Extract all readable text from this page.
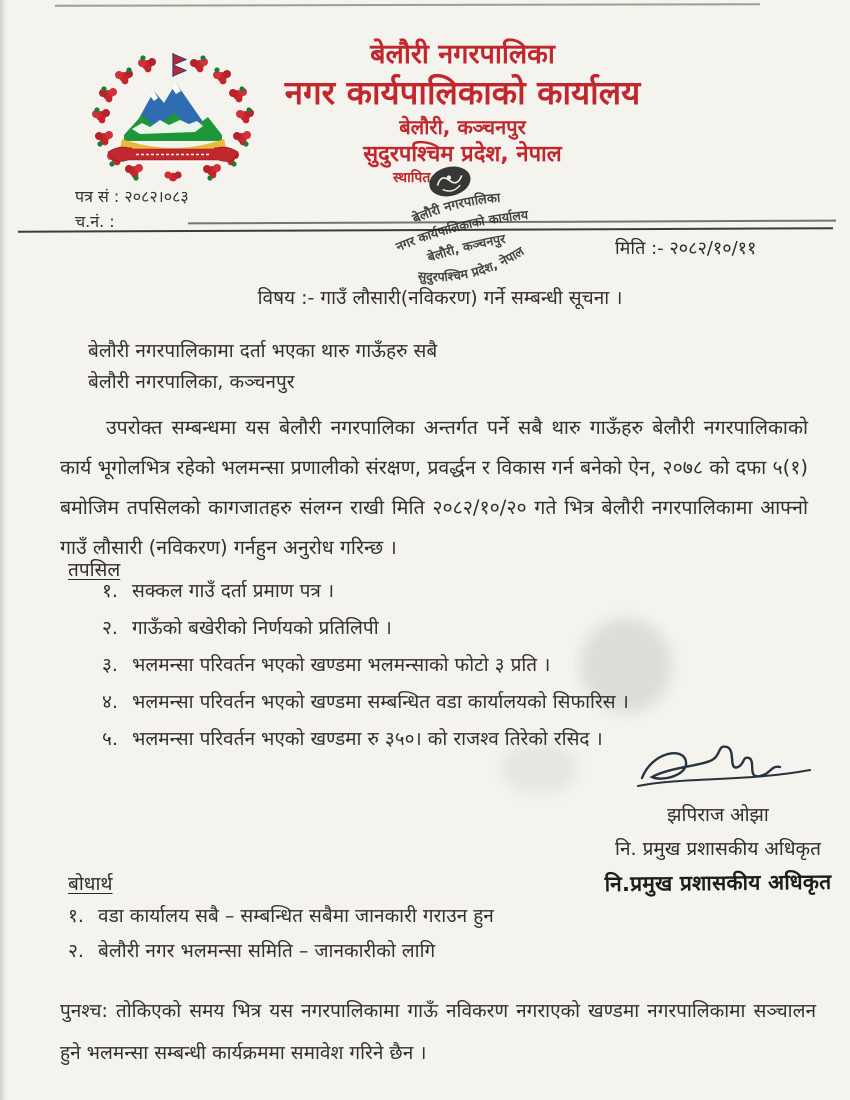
बेलौरी नगरपालिका
नगर कार्यपालिकाको कार्यालय
बेलौरी, कञ्चनपुर
सुदुरपश्चिम प्रदेश, नेपाल
स्थापित
पत्र सं : २०८२।०८३
च.नं. :	बेलौरी नगरपालिका
नगर कार्यपालिकाको कार्यालय
बेलौरी, कञ्चनपुर
सुदुरपश्चिम प्रदेश, नेपाल	मिति :- २०८२/१०/११
विषय :- गाउँ लौसारी(नविकरण) गर्ने सम्बन्धी सूचना ।
बेलौरी नगरपालिकामा दर्ता भएका थारु गाऊँहरु सबै
बेलौरी नगरपालिका, कञ्चनपुर
उपरोक्त सम्बन्धमा यस बेलौरी नगरपालिका अन्तर्गत पर्ने सबै थारु गाऊँहरु बेलौरी नगरपालिकाको कार्य भूगोलभित्र रहेको भलमन्सा प्रणालीको संरक्षण, प्रवर्द्धन र विकास गर्न बनेको ऐन, २०७८ को दफा ५(१) बमोजिम तपसिलको कागजातहरु संलग्न राखी मिति २०८२/१०/२० गते भित्र बेलौरी नगरपालिकामा आफ्नो गाउँ लौसारी (नविकरण) गर्नहुन अनुरोध गरिन्छ ।
तपसिल
१. सक्कल गाउँ दर्ता प्रमाण पत्र ।
२. गाऊँको बखेरीको निर्णयको प्रतिलिपी ।
३. भलमन्सा परिवर्तन भएको खण्डमा भलमन्साको फोटो ३ प्रति ।
४. भलमन्सा परिवर्तन भएको खण्डमा सम्बन्धित वडा कार्यालयको सिफारिस ।
५. भलमन्सा परिवर्तन भएको खण्डमा रु ३५०। को राजश्व तिरेको रसिद ।
झपिराज ओझा
नि. प्रमुख प्रशासकीय अधिकृत
नि.प्रमुख प्रशासकीय अधिकृत
बोधार्थ
१. वडा कार्यालय सबै – सम्बन्धित सबैमा जानकारी गराउन हुन
२. बेलौरी नगर भलमन्सा समिति – जानकारीको लागि
पुनश्च: तोकिएको समय भित्र यस नगरपालिकामा गाऊँ नविकरण नगराएको खण्डमा नगरपालिकामा सञ्चालन हुने भलमन्सा सम्बन्धी कार्यक्रममा समावेश गरिने छैन ।
